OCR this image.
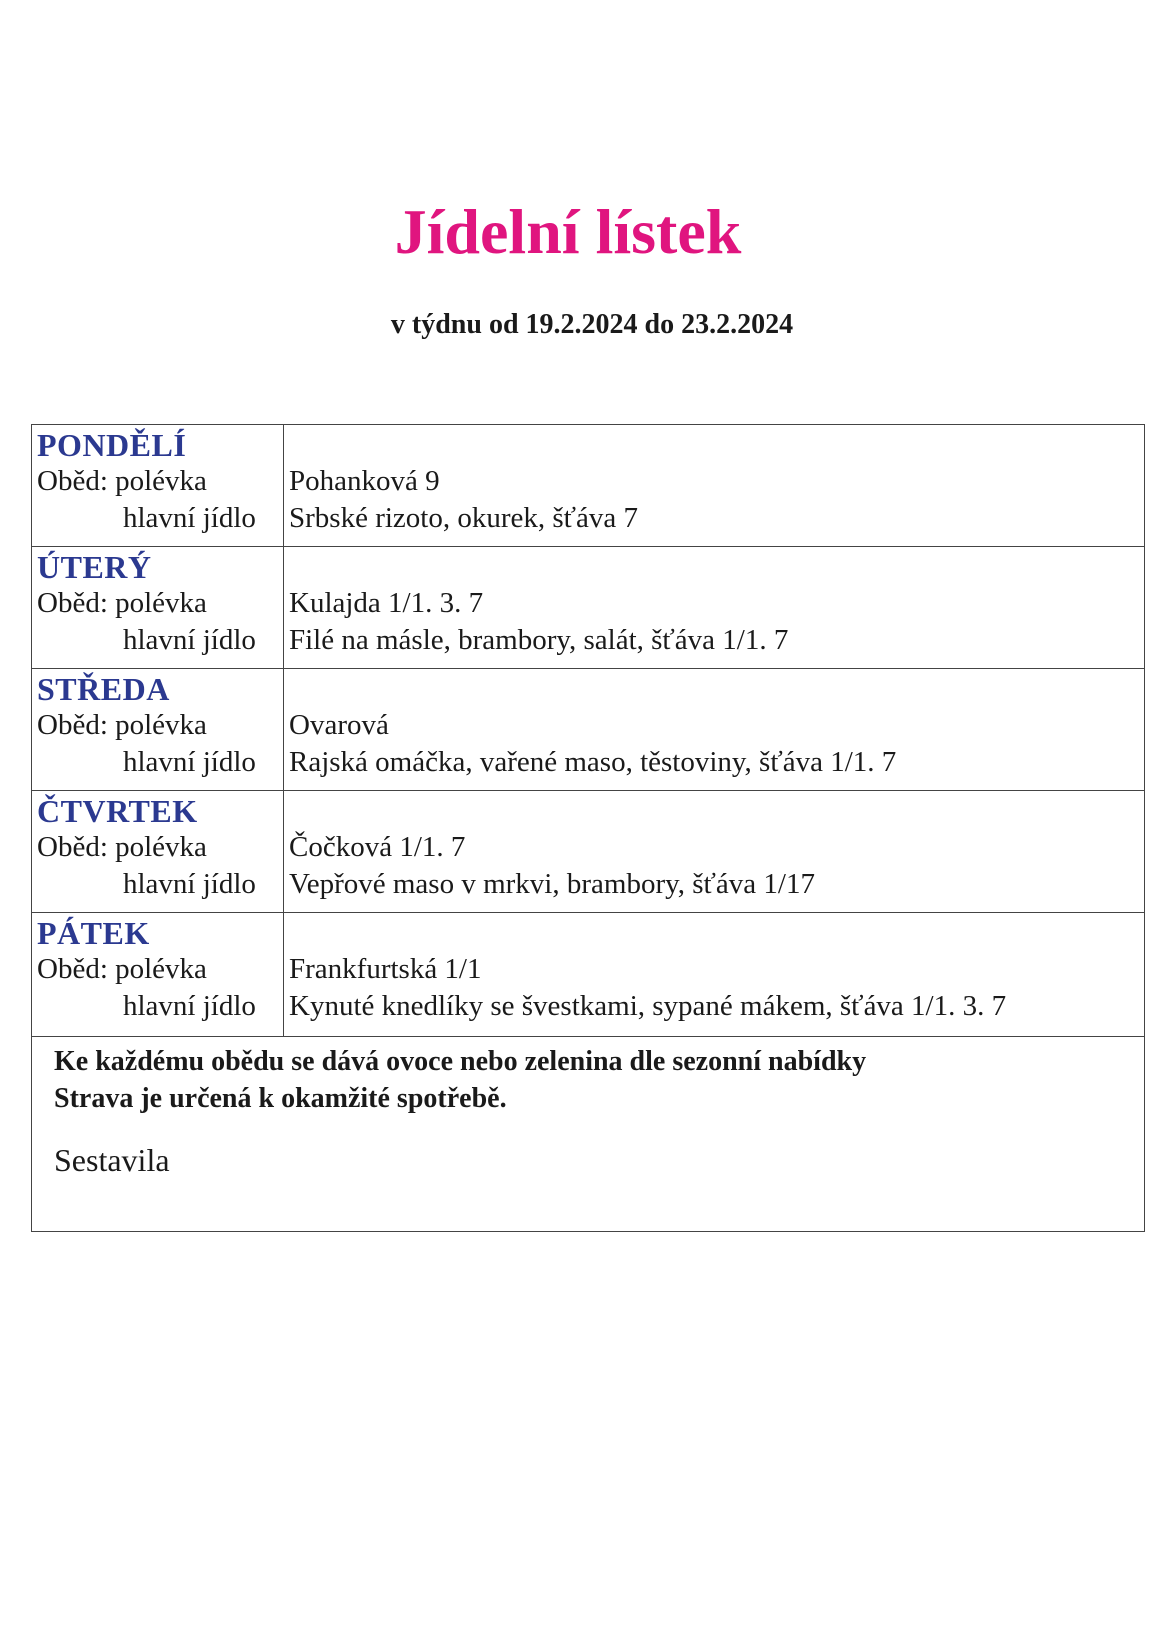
Jídelní lístek
v týdnu od 19.2.2024 do 23.2.2024
PONDĚLÍ
Oběd: polévka
hlavní jídlo
Pohanková 9
Srbské rizoto, okurek, šťáva 7
ÚTERÝ
Oběd: polévka
hlavní jídlo
Kulajda 1/1. 3. 7
Filé na másle, brambory, salát, šťáva 1/1. 7
STŘEDA
Oběd: polévka
hlavní jídlo
Ovarová
Rajská omáčka, vařené maso, těstoviny, šťáva 1/1. 7
ČTVRTEK
Oběd: polévka
hlavní jídlo
Čočková 1/1. 7
Vepřové maso v mrkvi, brambory, šťáva 1/17
PÁTEK
Oběd: polévka
hlavní jídlo
Frankfurtská 1/1
Kynuté knedlíky se švestkami, sypané mákem, šťáva 1/1. 3. 7
Ke každému obědu se dává ovoce nebo zelenina dle sezonní nabídky
Strava je určená k okamžité spotřebě.
Sestavila
